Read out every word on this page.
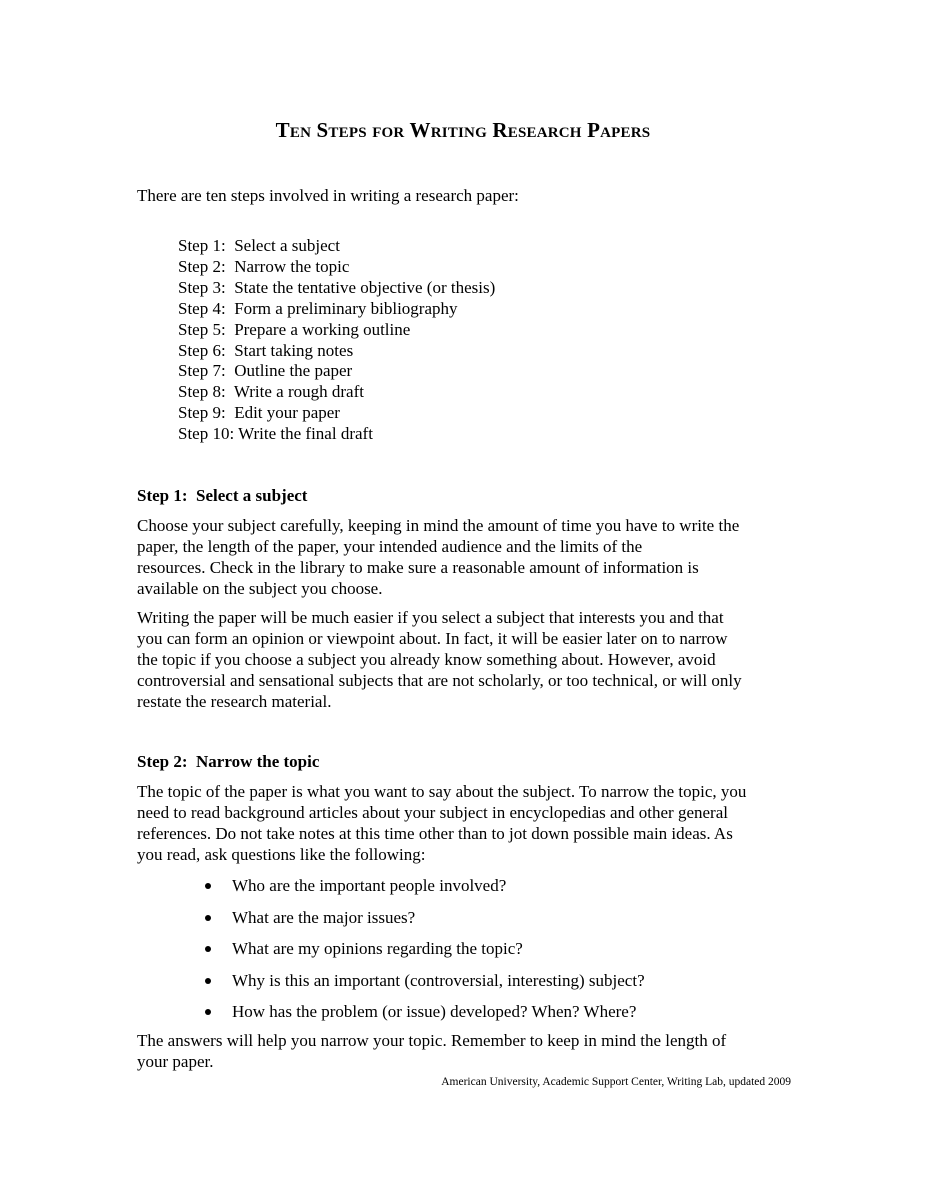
Ten Steps for Writing Research Papers
There are ten steps involved in writing a research paper:
Step 1:  Select a subject
Step 2:  Narrow the topic
Step 3:  State the tentative objective (or thesis)
Step 4:  Form a preliminary bibliography
Step 5:  Prepare a working outline
Step 6:  Start taking notes
Step 7:  Outline the paper
Step 8:  Write a rough draft
Step 9:  Edit your paper
Step 10: Write the final draft
Step 1:  Select a subject

Choose your subject carefully, keeping in mind the amount of time you have to write the
paper, the length of the paper, your intended audience and the limits of the
resources. Check in the library to make sure a reasonable amount of information is
available on the subject you choose.

Writing the paper will be much easier if you select a subject that interests you and that
you can form an opinion or viewpoint about. In fact, it will be easier later on to narrow
the topic if you choose a subject you already know something about. However, avoid
controversial and sensational subjects that are not scholarly, or too technical, or will only
restate the research material.

Step 2:  Narrow the topic

The topic of the paper is what you want to say about the subject. To narrow the topic, you
need to read background articles about your subject in encyclopedias and other general
references. Do not take notes at this time other than to jot down possible main ideas. As
you read, ask questions like the following:

Who are the important people involved?
What are the major issues?
What are my opinions regarding the topic?
Why is this an important (controversial, interesting) subject?
How has the problem (or issue) developed? When? Where?

The answers will help you narrow your topic. Remember to keep in mind the length of
your paper.

American University, Academic Support Center, Writing Lab, updated 2009
